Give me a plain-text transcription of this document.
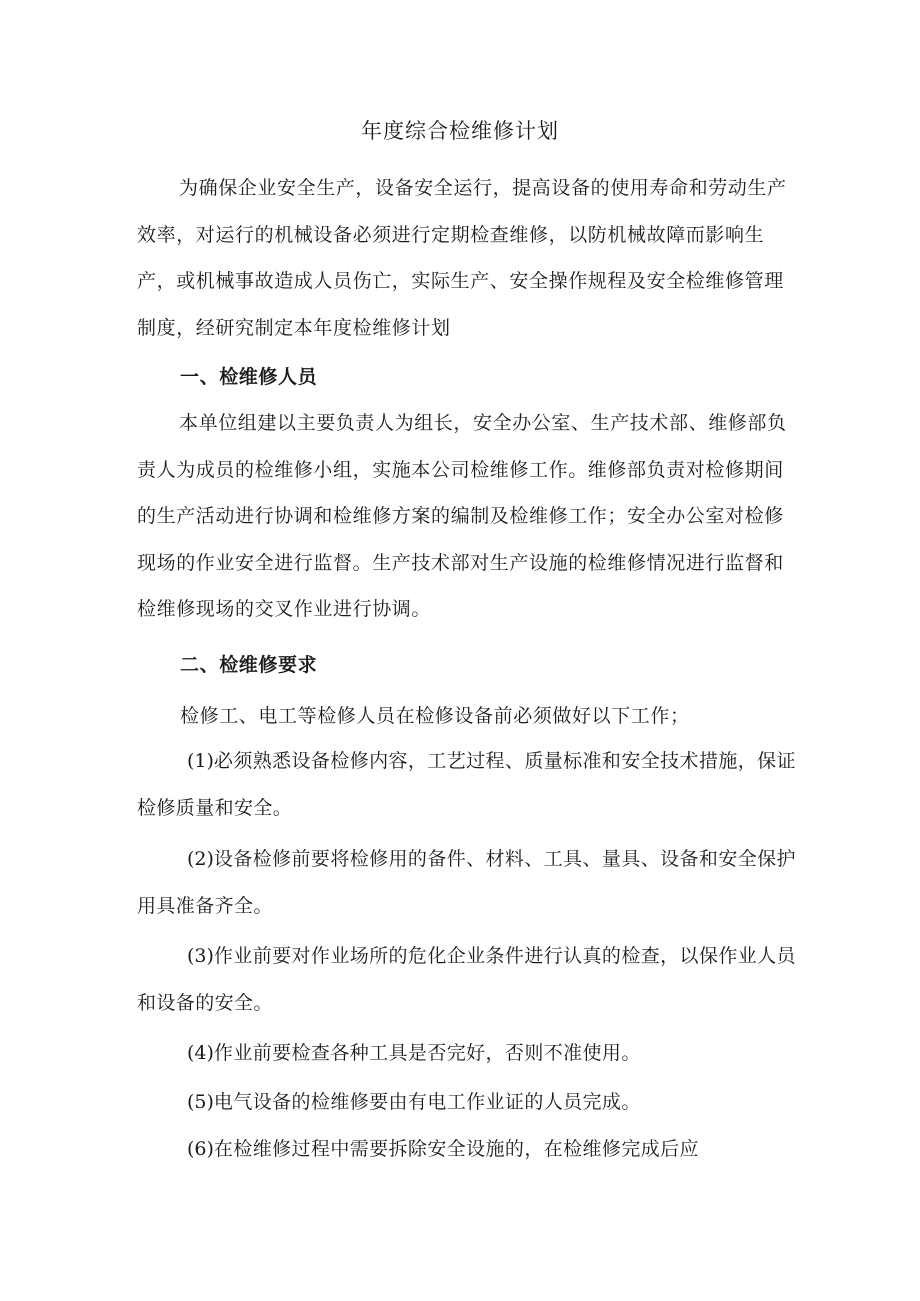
年度综合检维修计划

为确保企业安全生产，设备安全运行，提高设备的使用寿命和劳动生产效率，对运行的机械设备必须进行定期检查维修，以防机械故障而影响生产，或机械事故造成人员伤亡，实际生产、安全操作规程及安全检维修管理制度，经研究制定本年度检维修计划

一、检维修人员

本单位组建以主要负责人为组长，安全办公室、生产技术部、维修部负责人为成员的检维修小组，实施本公司检维修工作。维修部负责对检修期间的生产活动进行协调和检维修方案的编制及检维修工作；安全办公室对检修现场的作业安全进行监督。生产技术部对生产设施的检维修情况进行监督和检维修现场的交叉作业进行协调。

二、检维修要求
检修工、电工等检修人员在检修设备前必须做好以下工作；

(1)必须熟悉设备检修内容，工艺过程、质量标准和安全技术措施，保证检修质量和安全。

(2)设备检修前要将检修用的备件、材料、工具、量具、设备和安全保护用具准备齐全。

(3)作业前要对作业场所的危化企业条件进行认真的检查，以保作业人员和设备的安全。

(4)作业前要检查各种工具是否完好，否则不准使用。

(5)电气设备的检维修要由有电工作业证的人员完成。

(6)在检维修过程中需要拆除安全设施的，在检维修完成后应
